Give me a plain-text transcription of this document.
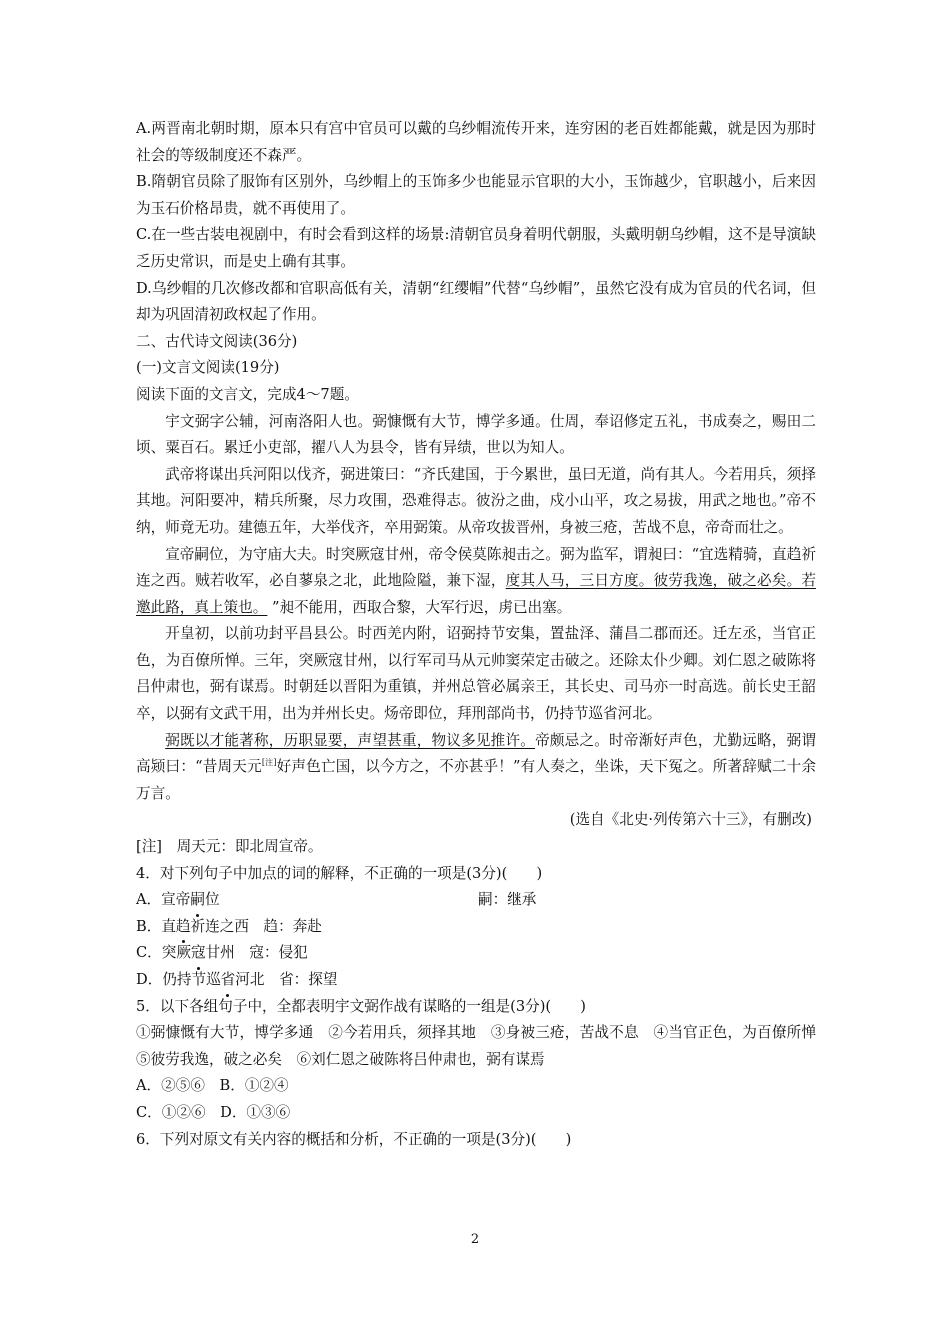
A.两晋南北朝时期，原本只有宫中官员可以戴的乌纱帽流传开来，连穷困的老百姓都能戴，就是因为那时社会的等级制度还不森严。

B.隋朝官员除了服饰有区别外，乌纱帽上的玉饰多少也能显示官职的大小，玉饰越少，官职越小，后来因为玉石价格昂贵，就不再使用了。

C.在一些古装电视剧中，有时会看到这样的场景:清朝官员身着明代朝服，头戴明朝乌纱帽，这不是导演缺乏历史常识，而是史上确有其事。

D.乌纱帽的几次修改都和官职高低有关，清朝“红缨帽”代替“乌纱帽”，虽然它没有成为官员的代名词，但却为巩固清初政权起了作用。

二、古代诗文阅读(36分)

(一)文言文阅读(19分)

阅读下面的文言文，完成4～7题。

宇文弼字公辅，河南洛阳人也。弼慷慨有大节，博学多通。仕周，奉诏修定五礼，书成奏之，赐田二顷、粟百石。累迁小吏部，擢八人为县令，皆有异绩，世以为知人。

武帝将谋出兵河阳以伐齐，弼进策曰：“齐氏建国，于今累世，虽曰无道，尚有其人。今若用兵，须择其地。河阳要冲，精兵所聚，尽力攻围，恐难得志。彼汾之曲，戍小山平，攻之易拔，用武之地也。”帝不纳，师竟无功。建德五年，大举伐齐，卒用弼策。从帝攻拔晋州，身被三疮，苦战不息，帝奇而壮之。

宣帝嗣位，为守庙大夫。时突厥寇甘州，帝令侯莫陈昶击之。弼为监军，谓昶曰：“宜选精骑，直趋祈连之西。贼若收军，必自蓼泉之北，此地险隘，兼下湿，度其人马，三日方度。彼劳我逸，破之必矣。若邀此路，真上策也。 ”昶不能用，西取合黎，大军行迟，虏已出塞。

开皇初，以前功封平昌县公。时西羌内附，诏弼持节安集，置盐泽、蒲昌二郡而还。迁左丞，当官正色，为百僚所惮。三年，突厥寇甘州，以行军司马从元帅窦荣定击破之。还除太仆少卿。刘仁恩之破陈将吕仲肃也，弼有谋焉。时朝廷以晋阳为重镇，并州总管必属亲王，其长史、司马亦一时高选。前长史王韶卒，以弼有文武干用，出为并州长史。炀帝即位，拜刑部尚书，仍持节巡省河北。

弼既以才能著称，历职显要，声望甚重，物议多见推许。帝颇忌之。时帝渐好声色，尤勤远略，弼谓高颎曰：“昔周天元[注]好声色亡国，以今方之，不亦甚乎！”有人奏之，坐诛，天下冤之。所著辞赋二十余万言。

(选自《北史·列传第六十三》，有删改)

[注]　周天元：即北周宣帝。

4．对下列句子中加点的词的解释，不正确的一项是(3分)(　　)

A．宣帝嗣位	嗣：继承

B．直趋祈连之西　趋：奔赴

C．突厥寇甘州　寇：侵犯

D．仍持节巡省河北　省：探望

5．以下各组句子中，全都表明宇文弼作战有谋略的一组是(3分)(　　)

①弼慷慨有大节，博学多通　②今若用兵，须择其地　③身被三疮，苦战不息　④当官正色，为百僚所惮　⑤彼劳我逸，破之必矣　⑥刘仁恩之破陈将吕仲肃也，弼有谋焉

A．②⑤⑥　B．①②④

C．①②⑥　D．①③⑥

6．下列对原文有关内容的概括和分析，不正确的一项是(3分)(　　)

2
